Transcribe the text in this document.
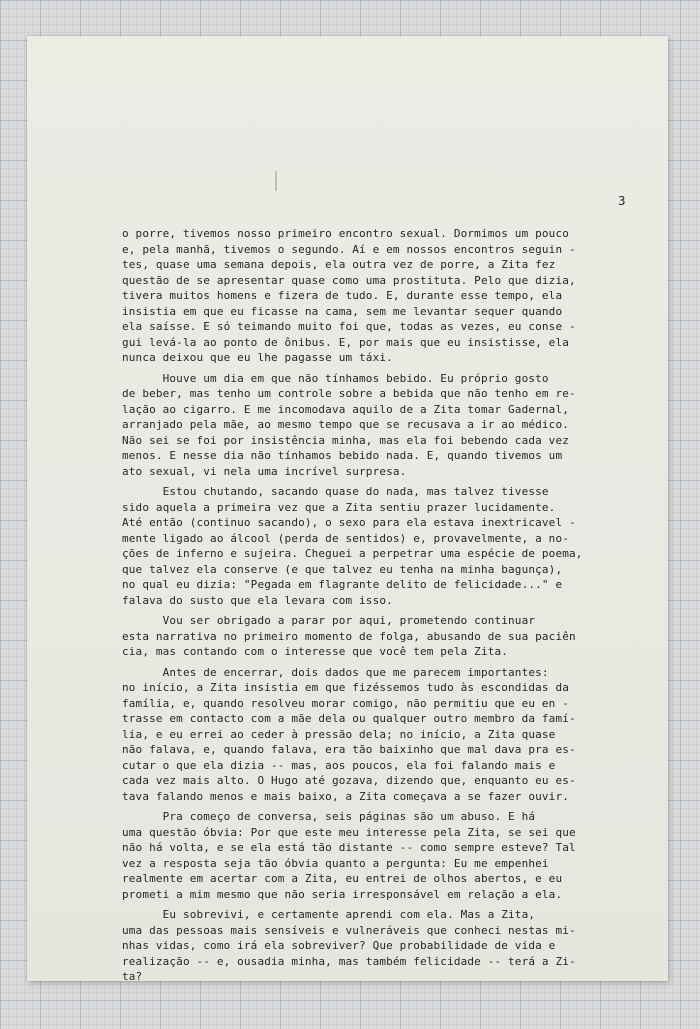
3

o porre, tivemos nosso primeiro encontro sexual. Dormimos um pouco
e, pela manhã, tivemos o segundo. Aí e em nossos encontros seguin -
tes, quase uma semana depois, ela outra vez de porre, a Zita fez
questão de se apresentar quase como uma prostituta. Pelo que dizia,
tivera muitos homens e fizera de tudo. E, durante esse tempo, ela
insistia em que eu ficasse na cama, sem me levantar sequer quando
ela saísse. E só teimando muito foi que, todas as vezes, eu conse -
gui levá-la ao ponto de ônibus. E, por mais que eu insistisse, ela
nunca deixou que eu lhe pagasse um táxi.

Houve um dia em que não tínhamos bebido. Eu próprio gosto
de beber, mas tenho um controle sobre a bebida que não tenho em re-
lação ao cigarro. E me incomodava aquilo de a Zita tomar Gadernal,
arranjado pela mãe, ao mesmo tempo que se recusava a ir ao médico.
Não sei se foi por insistência minha, mas ela foi bebendo cada vez
menos. E nesse dia não tínhamos bebido nada. E, quando tivemos um
ato sexual, vi nela uma incrível surpresa.

Estou chutando, sacando quase do nada, mas talvez tivesse
sido aquela a primeira vez que a Zita sentiu prazer lucidamente.
Até então (continuo sacando), o sexo para ela estava inextricavel -
mente ligado ao álcool (perda de sentidos) e, provavelmente, a no-
ções de inferno e sujeira. Cheguei a perpetrar uma espécie de poema,
que talvez ela conserve (e que talvez eu tenha na minha bagunça),
no qual eu dizia: "Pegada em flagrante delito de felicidade..." e
falava do susto que ela levara com isso.

Vou ser obrigado a parar por aqui, prometendo continuar
esta narrativa no primeiro momento de folga, abusando de sua paciên
cia, mas contando com o interesse que você tem pela Zita.

Antes de encerrar, dois dados que me parecem importantes:
no início, a Zita insistia em que fizéssemos tudo às escondidas da
família, e, quando resolveu morar comigo, não permitiu que eu en -
trasse em contacto com a mãe dela ou qualquer outro membro da famí-
lia, e eu errei ao ceder à pressão dela; no início, a Zita quase
não falava, e, quando falava, era tão baixinho que mal dava pra es-
cutar o que ela dizia -- mas, aos poucos, ela foi falando mais e
cada vez mais alto. O Hugo até gozava, dizendo que, enquanto eu es-
tava falando menos e mais baixo, a Zita começava a se fazer ouvir.

Pra começo de conversa, seis páginas são um abuso. E há
uma questão óbvia: Por que este meu interesse pela Zita, se sei que
não há volta, e se ela está tão distante -- como sempre esteve? Tal
vez a resposta seja tão óbvia quanto a pergunta: Eu me empenhei
realmente em acertar com a Zita, eu entrei de olhos abertos, e eu
prometi a mim mesmo que não seria irresponsável em relação a ela.

Eu sobrevivi, e certamente aprendi com ela. Mas a Zita,
uma das pessoas mais sensíveis e vulneráveis que conheci nestas mi-
nhas vidas, como irá ela sobreviver? Que probabilidade de vida e
realização -- e, ousadia minha, mas também felicidade -- terá a Zi-
ta?
